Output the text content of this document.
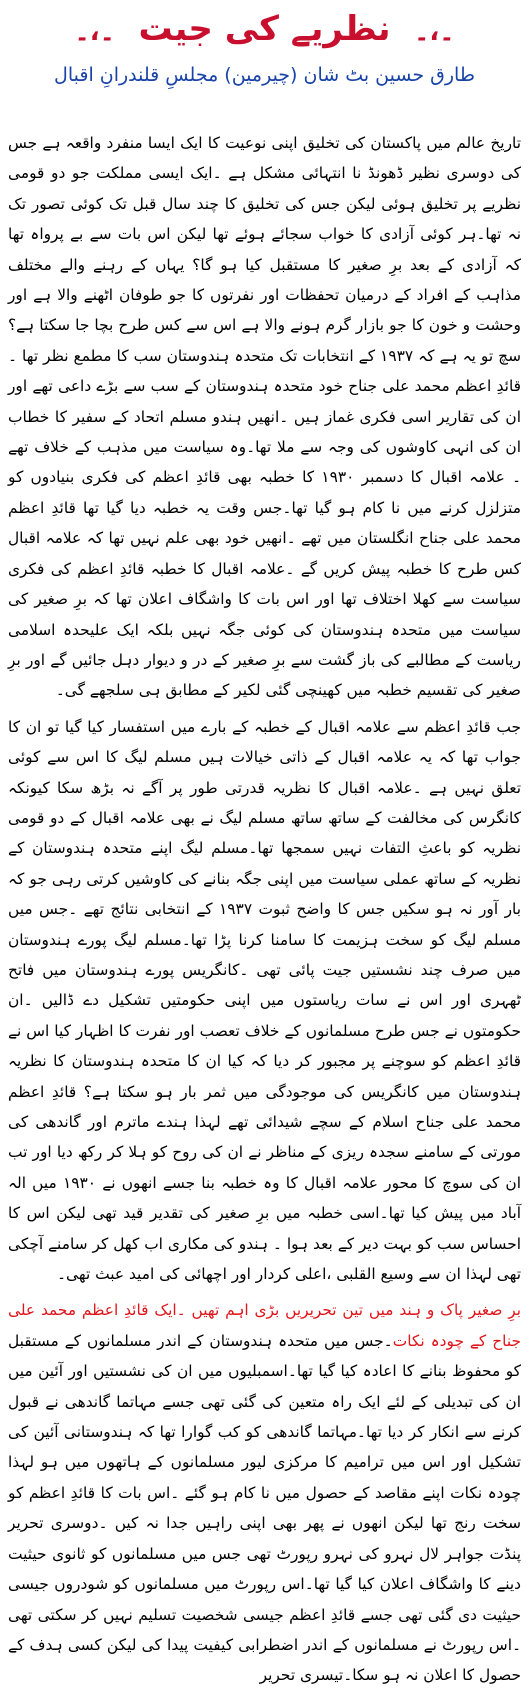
۔،۔  نظریے کی جیت  ۔،۔
طارق حسین بٹ شان (چیرمین) مجلسِ قلندرانِ اقبال

تاریخ عالم میں پاکستان کی تخلیق اپنی نوعیت کا ایک ایسا منفرد واقعہ ہے جس کی دوسری نظیر ڈھونڈ نا انتہائی مشکل ہے ۔ایک ایسی مملکت جو دو قومی نظریے پر تخلیق ہوئی لیکن جس کی تخلیق کا چند سال قبل تک کوئی تصور تک نہ تھا۔ہر کوئی آزادی کا خواب سجائے ہوئے تھا لیکن اس بات سے بے پرواہ تھا کہ آزادی کے بعد برِ صغیر کا مستقبل کیا ہو گا؟ یہاں کے رہنے والے مختلف مذاہب کے افراد کے درمیان تحفظات اور نفرتوں کا جو طوفان اٹھنے والا ہے اور وحشت و خون کا جو بازار گرم ہونے والا ہے اس سے کس طرح بچا جا سکتا ہے؟ سچ تو یہ ہے کہ ۱۹۳۷ کے انتخابات تک متحدہ ہندوستان سب کا مطمع نظر تھا ۔ قائدِ اعظم محمد علی جناح خود متحدہ ہندوستان کے سب سے بڑے داعی تھے اور ان کی تقاریر اسی فکری غماز ہیں ۔انھیں ہندو مسلم اتحاد کے سفیر کا خطاب ان کی انہی کاوشوں کی وجہ سے ملا تھا۔وہ سیاست میں مذہب کے خلاف تھے ۔ علامہ اقبال کا دسمبر ۱۹۳۰ کا خطبہ بھی قائدِ اعظم کی فکری بنیادوں کو متزلزل کرنے میں نا کام ہو گیا تھا۔جس وقت یہ خطبہ دیا گیا تھا قائدِ اعظم محمد علی جناح انگلستان میں تھے ۔انھیں خود بھی علم نہیں تھا کہ علامہ اقبال کس طرح کا خطبہ پیش کریں گے ۔علامہ اقبال کا خطبہ قائدِ اعظم کی فکری سیاست سے کھلا اختلاف تھا اور اس بات کا واشگاف اعلان تھا کہ برِ صغیر کی سیاست میں متحدہ ہندوستان کی کوئی جگہ نہیں بلکہ ایک علیحدہ اسلامی ریاست کے مطالبے کی باز گشت سے برِ صغیر کے در و دیوار دہل جائیں گے اور برِ صغیر کی تقسیم خطبہ میں کھینچی گئی لکیر کے مطابق ہی سلجھے گی۔

جب قائدِ اعظم سے علامہ اقبال کے خطبہ کے بارے میں استفسار کیا گیا تو ان کا جواب تھا کہ یہ علامہ اقبال کے ذاتی خیالات ہیں مسلم لیگ کا اس سے کوئی تعلق نہیں ہے ۔علامہ اقبال کا نظریہ قدرتی طور پر آگے نہ بڑھ سکا کیونکہ کانگرس کی مخالفت کے ساتھ ساتھ مسلم لیگ نے بھی علامہ اقبال کے دو قومی نظریہ کو باعثِ التفات نہیں سمجھا تھا۔مسلم لیگ اپنے متحدہ ہندوستان کے نظریہ کے ساتھ عملی سیاست میں اپنی جگہ بنانے کی کاوشیں کرتی رہی جو کہ بار آور نہ ہو سکیں جس کا واضح ثبوت ۱۹۳۷ کے انتخابی نتائج تھے ۔جس میں مسلم لیگ کو سخت ہزیمت کا سامنا کرنا پڑا تھا۔مسلم لیگ پورے ہندوستان میں صرف چند نشستیں جیت پائی تھی ۔کانگریس پورے ہندوستان میں فاتح ٹھہری اور اس نے سات ریاستوں میں اپنی حکومتیں تشکیل دے ڈالیں ۔ان حکومتوں نے جس طرح مسلمانوں کے خلاف تعصب اور نفرت کا اظہار کیا اس نے قائدِ اعظم کو سوچنے پر مجبور کر دیا کہ کیا ان کا متحدہ ہندوستان کا نظریہ ہندوستان میں کانگریس کی موجودگی میں ثمر بار ہو سکتا ہے؟ قائدِ اعظم محمد علی جناح اسلام کے سچے شیدائی تھے لہذا ہندے ماترم اور گاندھی کی مورتی کے سامنے سجدہ ریزی کے مناظر نے ان کی روح کو ہلا کر رکھ دیا اور تب ان کی سوچ کا محور علامہ اقبال کا وہ خطبہ بنا جسے انھوں نے ۱۹۳۰ میں الہ آباد میں پیش کیا تھا۔اسی خطبہ میں برِ صغیر کی تقدیر قید تھی لیکن اس کا احساس سب کو بہت دیر کے بعد ہوا ۔ ہندو کی مکاری اب کھل کر سامنے آچکی تھی لہذا ان سے وسیع القلبی ،اعلی کردار اور اچھائی کی امید عبث تھی۔

برِ صغیر پاک و ہند میں تین تحریریں بڑی اہم تھیں ۔ایک قائدِ اعظم محمد علی جناح کے چودہ نکات۔جس میں متحدہ ہندوستان کے اندر مسلمانوں کے مستقبل کو محفوظ بنانے کا اعادہ کیا گیا تھا۔اسمبلیوں میں ان کی نشستیں اور آئین میں ان کی تبدیلی کے لئے ایک راہ متعین کی گئی تھی جسے مہاتما گاندھی نے قبول کرنے سے انکار کر دیا تھا۔مہاتما گاندھی کو کب گوارا تھا کہ ہندوستانی آئین کی تشکیل اور اس میں ترامیم کا مرکزی لیور مسلمانوں کے ہاتھوں میں ہو لہذا چودہ نکات اپنے مقاصد کے حصول میں نا کام ہو گئے ۔اس بات کا قائدِ اعظم کو سخت رنج تھا لیکن انھوں نے پھر بھی اپنی راہیں جدا نہ کیں ۔دوسری تحریر پنڈت جواہر لال نہرو کی نہرو رپورٹ تھی جس میں مسلمانوں کو ثانوی حیثیت دینے کا واشگاف اعلان کیا گیا تھا۔اس رپورٹ میں مسلمانوں کو شودروں جیسی حیثیت دی گئی تھی جسے قائدِ اعظم جیسی شخصیت تسلیم نہیں کر سکتی تھی ۔اس رپورٹ نے مسلمانوں کے اندر اضطرابی کیفیت پیدا کی لیکن کسی ہدف کے حصول کا اعلان نہ ہو سکا۔تیسری تحریر
